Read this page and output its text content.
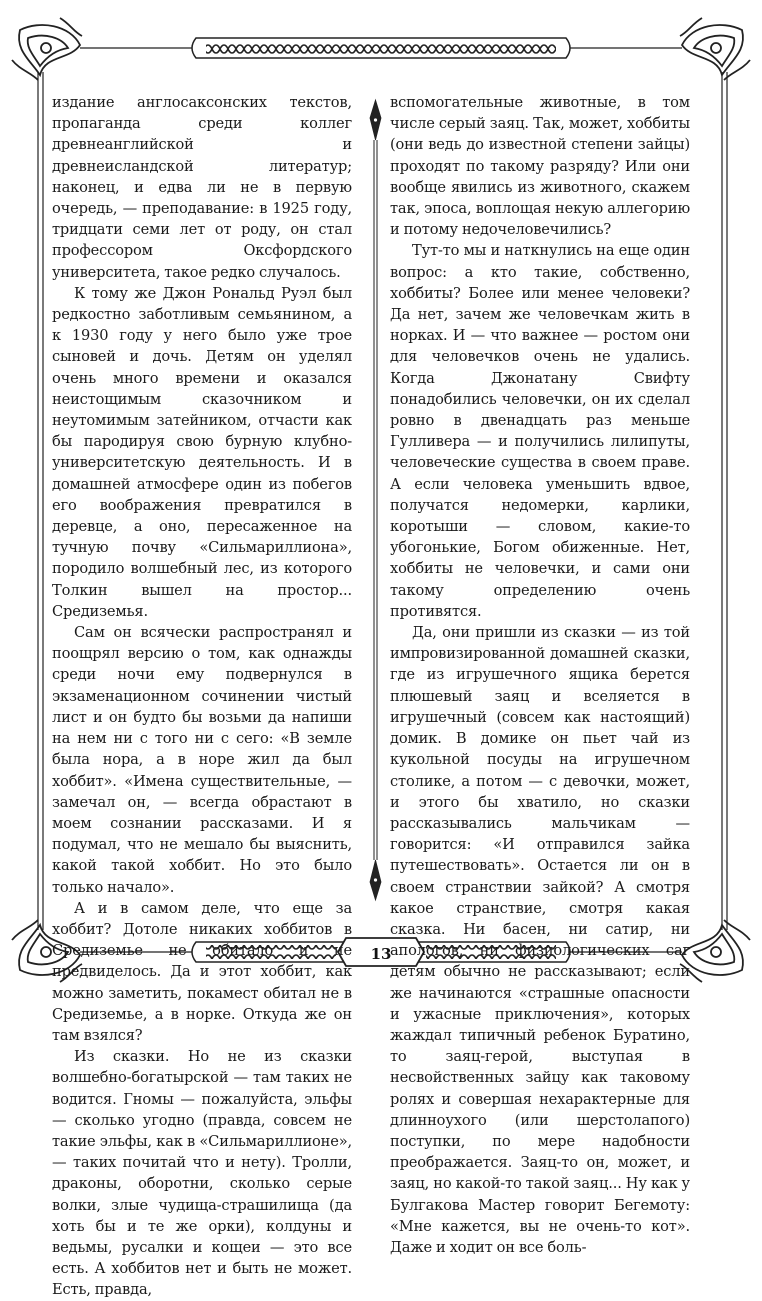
издание англосаксонских текстов, пропаганда среди коллег древнеанглийской и древнеисландской литератур; наконец, и едва ли не в первую очередь, — преподавание: в 1925 году, тридцати семи лет от роду, он стал профессором Оксфордского университета, такое редко случалось.

К тому же Джон Рональд Руэл был редкостно заботливым семьянином, а к 1930 году у него было уже трое сыновей и дочь. Детям он уделял очень много времени и оказался неистощимым сказочником и неутомимым затейником, отчасти как бы пародируя свою бурную клубно-университетскую деятельность. И в домашней атмосфере один из побегов его воображения превратился в деревце, а оно, пересаженное на тучную почву «Сильмариллиона», породило волшебный лес, из которого Толкин вышел на простор... Средиземья.

Сам он всячески распространял и поощрял версию о том, как однажды среди ночи ему подвернулся в экзаменационном сочинении чистый лист и он будто бы возьми да напиши на нем ни с того ни с сего: «В земле была нора, а в норе жил да был хоббит». «Имена существительные, — замечал он, — всегда обрастают в моем сознании рассказами. И я подумал, что не мешало бы выяснить, какой такой хоббит. Но это было только начало».

А и в самом деле, что еще за хоббит? Дотоле никаких хоббитов в Средиземье не обитало и не предвиделось. Да и этот хоббит, как можно заметить, покамест обитал не в Средиземье, а в норке. Откуда же он там взялся?

Из сказки. Но не из сказки волшебно-богатырской — там таких не водится. Гномы — пожалуйста, эльфы — сколько угодно (правда, совсем не такие эльфы, как в «Сильмариллионе», — таких почитай что и нету). Тролли, драконы, оборотни, сколько серые волки, злые чудища-страшилища (да хоть бы и те же орки), колдуны и ведьмы, русалки и кощеи — это все есть. А хоббитов нет и быть не может. Есть, правда,

вспомогательные животные, в том числе серый заяц. Так, может, хоббиты (они ведь до известной степени зайцы) проходят по такому разряду? Или они вообще явились из животного, скажем так, эпоса, воплощая некую аллегорию и потому недочеловечились?

Тут-то мы и наткнулись на еще один вопрос: а кто такие, собственно, хоббиты? Более или менее человеки? Да нет, зачем же человечкам жить в норках. И — что важнее — ростом они для человечков очень не удались. Когда Джонатану Свифту понадобились человечки, он их сделал ровно в двенадцать раз меньше Гулливера — и получились лилипуты, человеческие существа в своем праве. А если человека уменьшить вдвое, получатся недомерки, карлики, коротыши — словом, какие-то убогонькие, Богом обиженные. Нет, хоббиты не человечки, и сами они такому определению очень противятся.

Да, они пришли из сказки — из той импровизированной домашней сказки, где из игрушечного ящика берется плюшевый заяц и вселяется в игрушечный (совсем как настоящий) домик. В домике он пьет чай из кукольной посуды на игрушечном столике, а потом — с девочки, может, и этого бы хватило, но сказки рассказывались мальчикам — говорится: «И отправился зайка путешествовать». Остается ли он в своем странствии зайкой? А смотря какое странствие, смотря какая сказка. Ни басен, ни сатир, ни апологов, ни физиологических саг детям обычно не рассказывают; если же начинаются «страшные опасности и ужасные приключения», которых жаждал типичный ребенок Буратино, то заяц-герой, выступая в несвойственных зайцу как таковому ролях и совершая нехарактерные для длинноухого (или шерстолапого) поступки, по мере надобности преображается. Заяц-то он, может, и заяц, но какой-то такой заяц... Ну как у Булгакова Мастер говорит Бегемоту: «Мне кажется, вы не очень-то кот». Даже и ходит он все боль-

13
